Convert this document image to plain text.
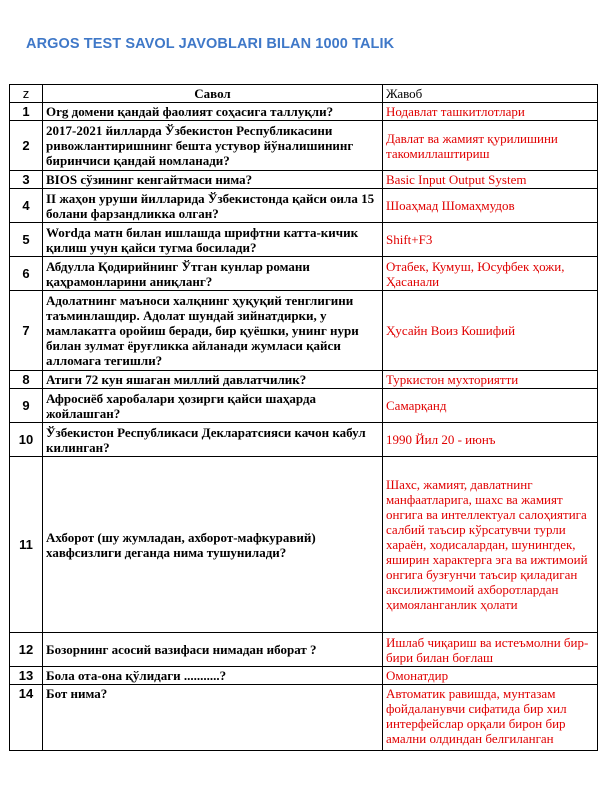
ARGOS TEST SAVOL JAVOBLARI BILAN 1000 TALIK
z	Савол	Жавоб
1	Org домени қандай фаолият соҳасига таллуқли?	Нодавлат ташкитлотлари
2	2017-2021 йилларда Ўзбекистон Республикасини ривожлантиришнинг бешта устувор йўналишининг биринчиси қандай номланади?	Давлат ва жамият қурилишини такомиллаштириш
3	BIOS сўзининг кенгайтмаси нима?	Basic Input Output System
4	II жаҳон уруши йилларида Ўзбекистонда қайси оила 15 болани фарзандликка олган?	Шоаҳмад Шомаҳмудов
5	Wordда матн билан ишлашда шрифтни катта-кичик қилиш учун қайси тугма босилади?	Shift+F3
6	Абдулла Қодирийнинг Ўтган кунлар романи қаҳрамонларини аниқланг?	Отабек, Кумуш, Юсуфбек ҳожи, Ҳасанали
7	Адолатнинг маъноси халқнинг ҳуқуқий тенглигини таъминлашдир. Адолат шундай зийнатдирки, у мамлакатга оройиш беради, бир қуёшки, унинг нури билан зулмат ёруғликка айланади жумласи қайси алломага тегишли?	Ҳусайн Воиз Кошифий
8	Атиги 72 кун яшаган миллий давлатчилик?	Туркистон мухториятти
9	Афросиёб харобалари ҳозирги қайси шаҳарда жойлашган?	Самарқанд
10	Ўзбекистон Республикаси Декларатсияси качон кабул килинган?	1990 Йил 20 - июнъ
11	Ахборот (шу жумладан, ахборот-мафкуравий) хавфсизлиги деганда нима тушунилади?	Шахс, жамият, давлатнинг манфаатларига, шахс ва жамият онгига ва интеллектуал салоҳиятига салбий таъсир кўрсатувчи турли хараён, ходисалардан, шунингдек, яширин характерга эга ва ижтимоий онгига бузғунчи таъсир қиладиган аксилижтимоий ахборотлардан ҳимояланганлик ҳолати
12	Бозорнинг асосий вазифаси нимадан иборат ?	Ишлаб чиқариш ва истеъмолни бир-бири билан боғлаш
13	Бола ота-она қўлидаги ...........?	Омонатдир
14	Бот нима?	Автоматик равишда, мунтазам фойдаланувчи сифатида бир хил интерфейслар орқали бирон бир амални олдиндан белгиланган
